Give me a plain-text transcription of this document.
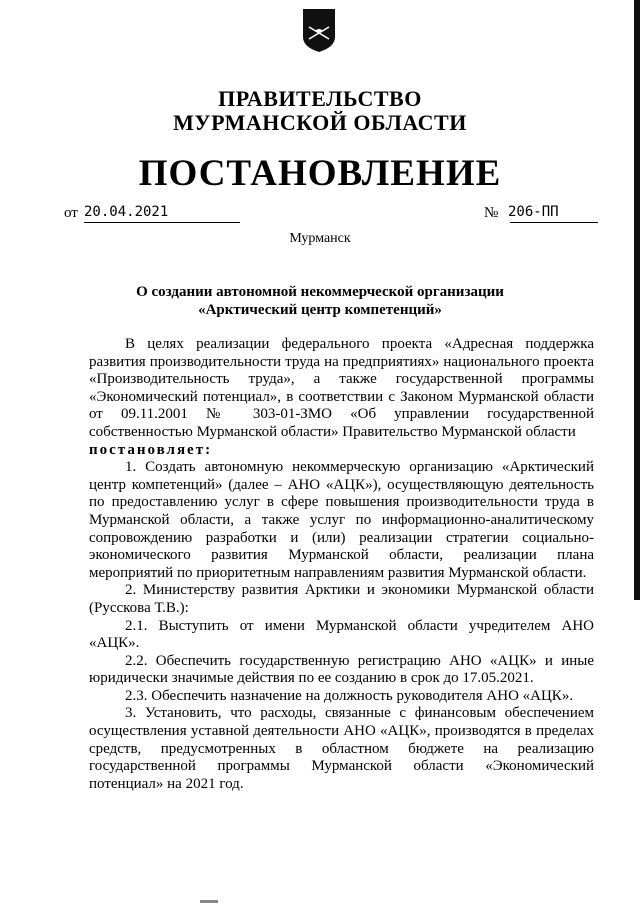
ПРАВИТЕЛЬСТВО
МУРМАНСКОЙ ОБЛАСТИ
ПОСТАНОВЛЕНИЕ
от 20.04.2021	№ 206-ПП
Мурманск
О создании автономной некоммерческой организации
«Арктический центр компетенций»

В целях реализации федерального проекта «Адресная поддержка развития производительности труда на предприятиях» национального проекта «Производительность труда», а также государственной программы «Экономический потенциал», в соответствии с Законом Мурманской области от 09.11.2001 № 303-01-ЗМО «Об управлении государственной собственностью Мурманской области» Правительство Мурманской области

постановляет:

1. Создать автономную некоммерческую организацию «Арктический центр компетенций» (далее – АНО «АЦК»), осуществляющую деятельность по предоставлению услуг в сфере повышения производительности труда в Мурманской области, а также услуг по информационно-аналитическому сопровождению разработки и (или) реализации стратегии социально-экономического развития Мурманской области, реализации плана мероприятий по приоритетным направлениям развития Мурманской области.

2. Министерству развития Арктики и экономики Мурманской области (Русскова Т.В.):

2.1. Выступить от имени Мурманской области учредителем АНО «АЦК».

2.2. Обеспечить государственную регистрацию АНО «АЦК» и иные юридически значимые действия по ее созданию в срок до 17.05.2021.

2.3. Обеспечить назначение на должность руководителя АНО «АЦК».

3. Установить, что расходы, связанные с финансовым обеспечением осуществления уставной деятельности АНО «АЦК», производятся в пределах средств, предусмотренных в областном бюджете на реализацию государственной программы Мурманской области «Экономический потенциал» на 2021 год.
